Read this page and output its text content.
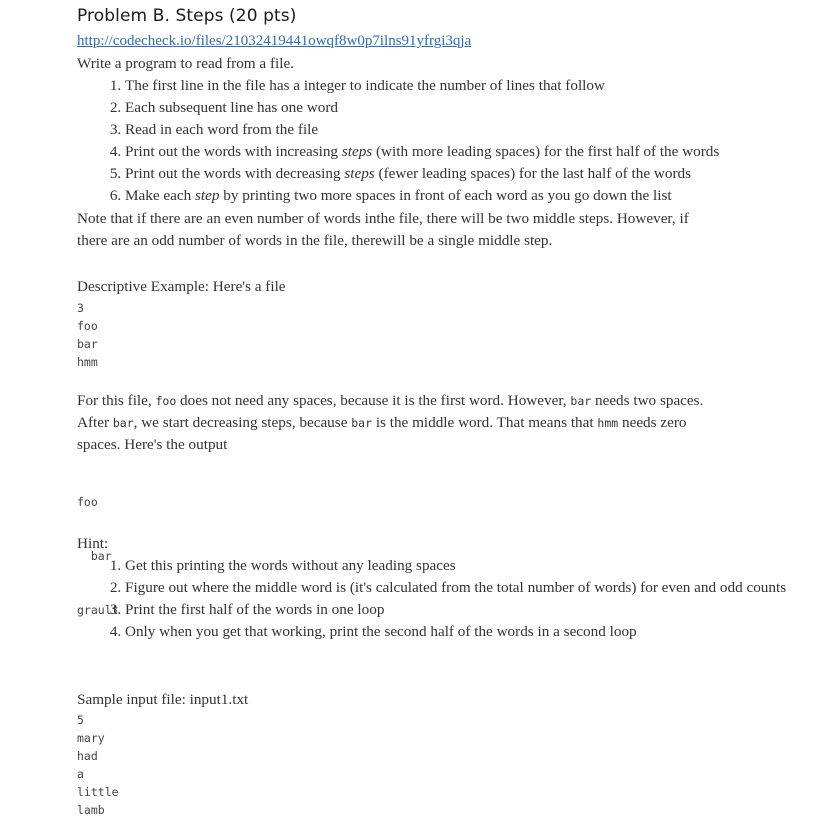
Problem B. Steps (20 pts)
http://codecheck.io/files/21032419441owqf8w0p7ilns91yfrgi3qja

Write a program to read from a file.

1. The first line in the file has a integer to indicate the number of lines that follow
2. Each subsequent line has one word
3. Read in each word from the file
4. Print out the words with increasing steps (with more leading spaces) for the first half of the words
5. Print out the words with decreasing steps (fewer leading spaces) for the last half of the words
6. Make each step by printing two more spaces in front of each word as you go down the list
Note that if there are an even number of words inthe file, there will be two middle steps. However, if
there are an odd number of words in the file, therewill be a single middle step.

Descriptive Example: Here's a file

3
foo
bar
hmm
For this file, foo does not need any spaces, because it is the first word. However, bar needs two spaces.
After bar, we start decreasing steps, because bar is the middle word. That means that hmm needs zero
spaces. Here's the output

foo

bar

grault

Hint:

1. Get this printing the words without any leading spaces
2. Figure out where the middle word is (it's calculated from the total number of words) for even and odd counts
3. Print the first half of the words in one loop
4. Only when you get that working, print the second half of the words in a second loop

Sample input file: input1.txt

5
mary
had
a
little
lamb
